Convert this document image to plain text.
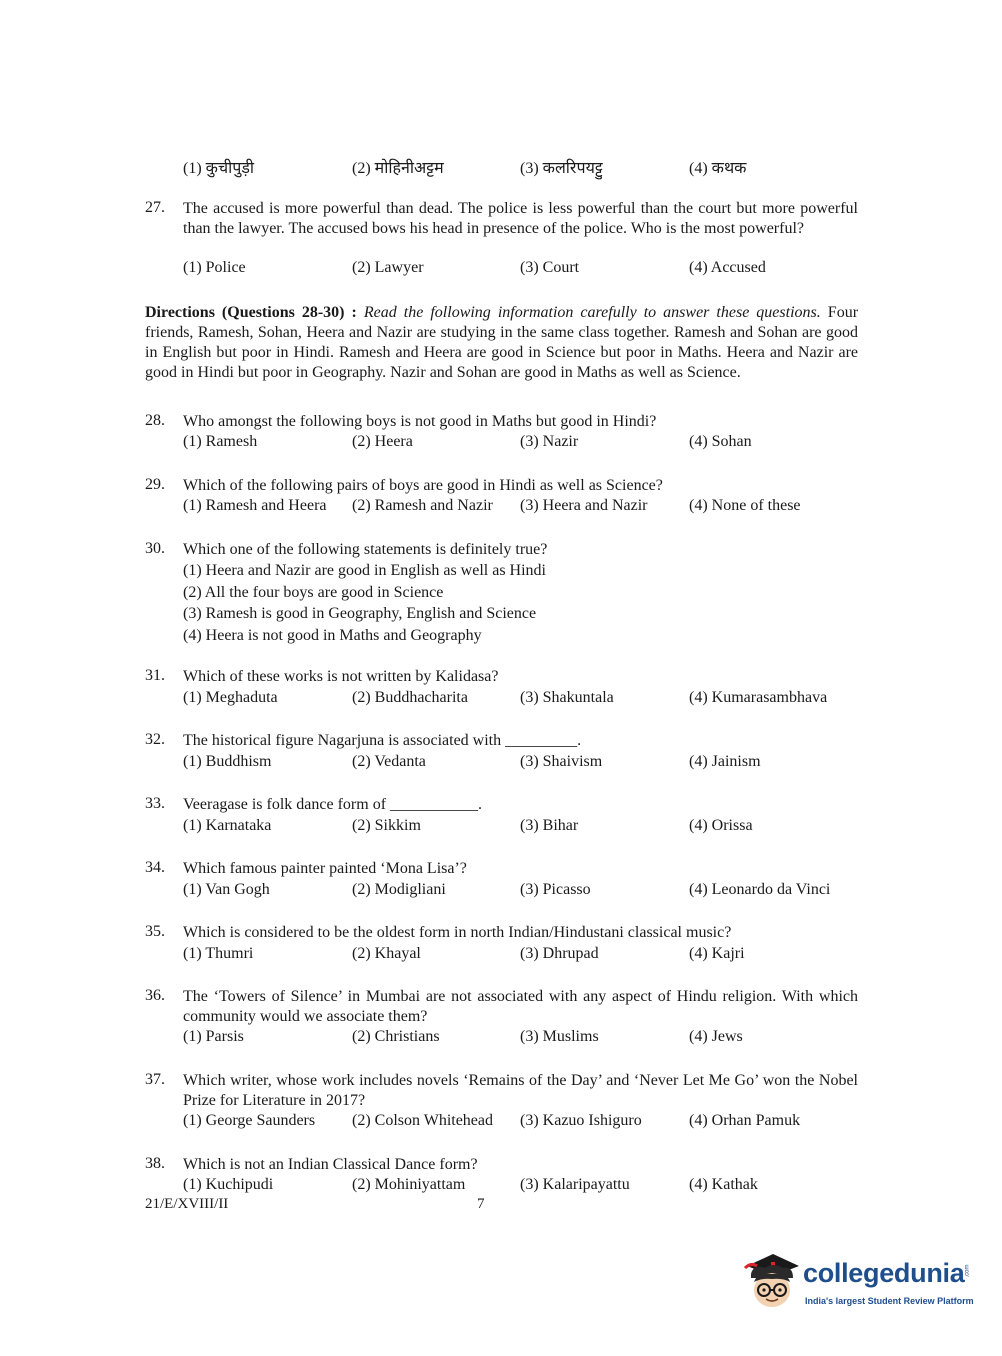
(1) कुचीपुड़ी	(2) मोहिनीअट्टम	(3) कलरिपयट्टु	(4) कथक
27. The accused is more powerful than dead. The police is less powerful than the court but more powerful than the lawyer. The accused bows his head in presence of the police. Who is the most powerful?
(1) Police	(2) Lawyer	(3) Court	(4) Accused
Directions (Questions 28-30) : Read the following information carefully to answer these questions. Four friends, Ramesh, Sohan, Heera and Nazir are studying in the same class together. Ramesh and Sohan are good in English but poor in Hindi. Ramesh and Heera are good in Science but poor in Maths. Heera and Nazir are good in Hindi but poor in Geography. Nazir and Sohan are good in Maths as well as Science.
28. Who amongst the following boys is not good in Maths but good in Hindi?
(1) Ramesh	(2) Heera	(3) Nazir	(4) Sohan
29. Which of the following pairs of boys are good in Hindi as well as Science?
(1) Ramesh and Heera (2) Ramesh and Nazir (3) Heera and Nazir	(4) None of these
30. Which one of the following statements is definitely true?
(1) Heera and Nazir are good in English as well as Hindi
(2) All the four boys are good in Science
(3) Ramesh is good in Geography, English and Science
(4) Heera is not good in Maths and Geography
31. Which of these works is not written by Kalidasa?
(1) Meghaduta	(2) Buddhacharita	(3) Shakuntala	(4) Kumarasambhava
32. The historical figure Nagarjuna is associated with _________.
(1) Buddhism	(2) Vedanta	(3) Shaivism	(4) Jainism
33. Veeragase is folk dance form of ___________.
(1) Karnataka	(2) Sikkim	(3) Bihar	(4) Orissa
34. Which famous painter painted ‘Mona Lisa’?
(1) Van Gogh	(2) Modigliani	(3) Picasso	(4) Leonardo da Vinci
35. Which is considered to be the oldest form in north Indian/Hindustani classical music?
(1) Thumri	(2) Khayal	(3) Dhrupad	(4) Kajri
36. The ‘Towers of Silence’ in Mumbai are not associated with any aspect of Hindu religion. With which community would we associate them?
(1) Parsis	(2) Christians	(3) Muslims	(4) Jews
37. Which writer, whose work includes novels ‘Remains of the Day’ and ‘Never Let Me Go’ won the Nobel Prize for Literature in 2017?
(1) George Saunders (2) Colson Whitehead (3) Kazuo Ishiguro	(4) Orhan Pamuk
38. Which is not an Indian Classical Dance form?
(1) Kuchipudi	(2) Mohiniyattam	(3) Kalaripayattu	(4) Kathak
21/E/XVIII/II	7
collegedunia .com
India's largest Student Review Platform
